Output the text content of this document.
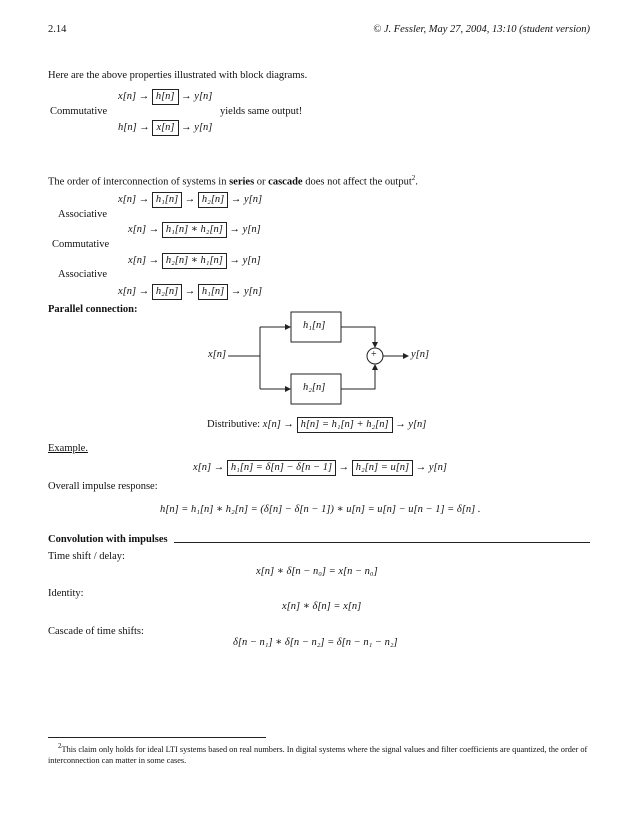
2.14	© J. Fessler, May 27, 2004, 13:10 (student version)
Here are the above properties illustrated with block diagrams.
x[n] → h[n] → y[n]
Commutative	yields same output!
h[n] → x[n] → y[n]
The order of interconnection of systems in series or cascade does not affect the output$^2$.
x[n] → h₁[n] → h₂[n] → y[n]
Associative
x[n] → h₁[n] ∗ h₂[n] → y[n]
Commutative
x[n] → h₂[n] ∗ h₁[n] → y[n]
Associative
x[n] → h₂[n] → h₁[n] → y[n]
Parallel connection:
h₁[n]
h₂[n]
x[n]	y[n]
+
Distributive: x[n] → h[n] = h₁[n] + h₂[n] → y[n]
Example.
x[n] → h₁[n] = δ[n] − δ[n − 1] → h₂[n] = u[n] → y[n]
Overall impulse response:
h[n] = h₁[n] ∗ h₂[n] = (δ[n] − δ[n − 1]) ∗ u[n] = u[n] − u[n − 1] = δ[n] .
Convolution with impulses
Time shift / delay:
x[n] ∗ δ[n − n₀] = x[n − n₀]
Identity:
x[n] ∗ δ[n] = x[n]
Cascade of time shifts:
δ[n − n₁] ∗ δ[n − n₂] = δ[n − n₁ − n₂]
$^2$This claim only holds for ideal LTI systems based on real numbers. In digital systems where the signal values and filter coefficients are quantized, the order of interconnection can matter in some cases.
